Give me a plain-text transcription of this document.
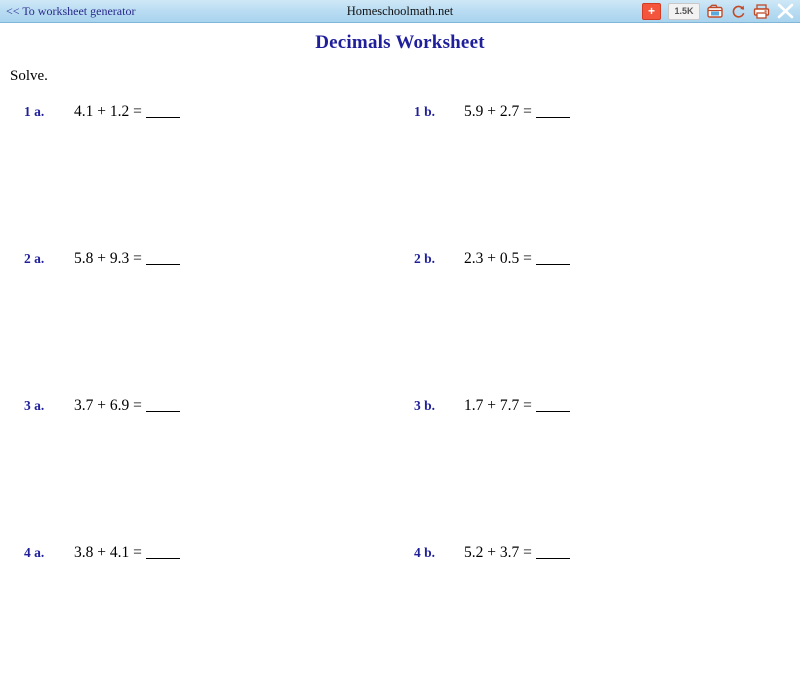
<< To worksheet generator	Homeschoolmath.net	+	1.5K
Decimals Worksheet
Solve.
1 a.	4.1 + 1.2 =	1 b.	5.9 + 2.7 =
2 a.	5.8 + 9.3 =	2 b.	2.3 + 0.5 =
3 a.	3.7 + 6.9 =	3 b.	1.7 + 7.7 =
4 a.	3.8 + 4.1 =	4 b.	5.2 + 3.7 =
